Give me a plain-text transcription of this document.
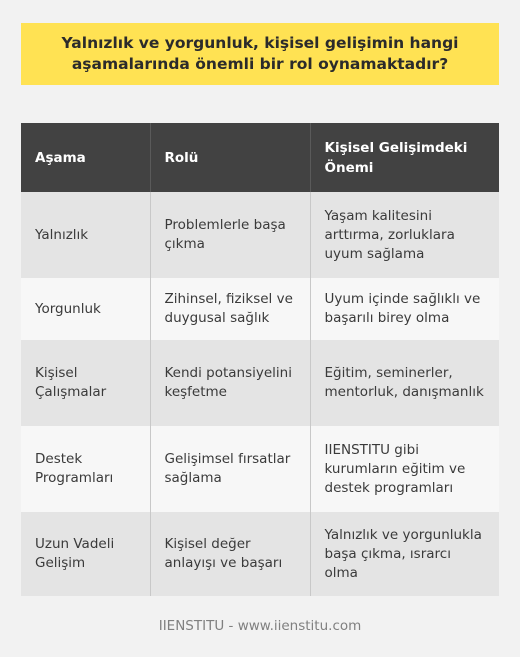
Yalnızlık ve yorgunluk, kişisel gelişimin hangi aşamalarında önemli bir rol oynamaktadır?
Aşama	Rolü	Kişisel Gelişimdeki Önemi
Yalnızlık	Problemlerle başa çıkma	Yaşam kalitesini arttırma, zorluklara uyum sağlama
Yorgunluk	Zihinsel, fiziksel ve duygusal sağlık	Uyum içinde sağlıklı ve başarılı birey olma
Kişisel Çalışmalar	Kendi potansiyelini keşfetme	Eğitim, seminerler, mentorluk, danışmanlık
Destek Programları	Gelişimsel fırsatlar sağlama	IIENSTITU gibi kurumların eğitim ve destek programları
Uzun Vadeli Gelişim	Kişisel değer anlayışı ve başarı	Yalnızlık ve yorgunlukla başa çıkma, ısrarcı olma
IIENSTITU - www.iienstitu.com
